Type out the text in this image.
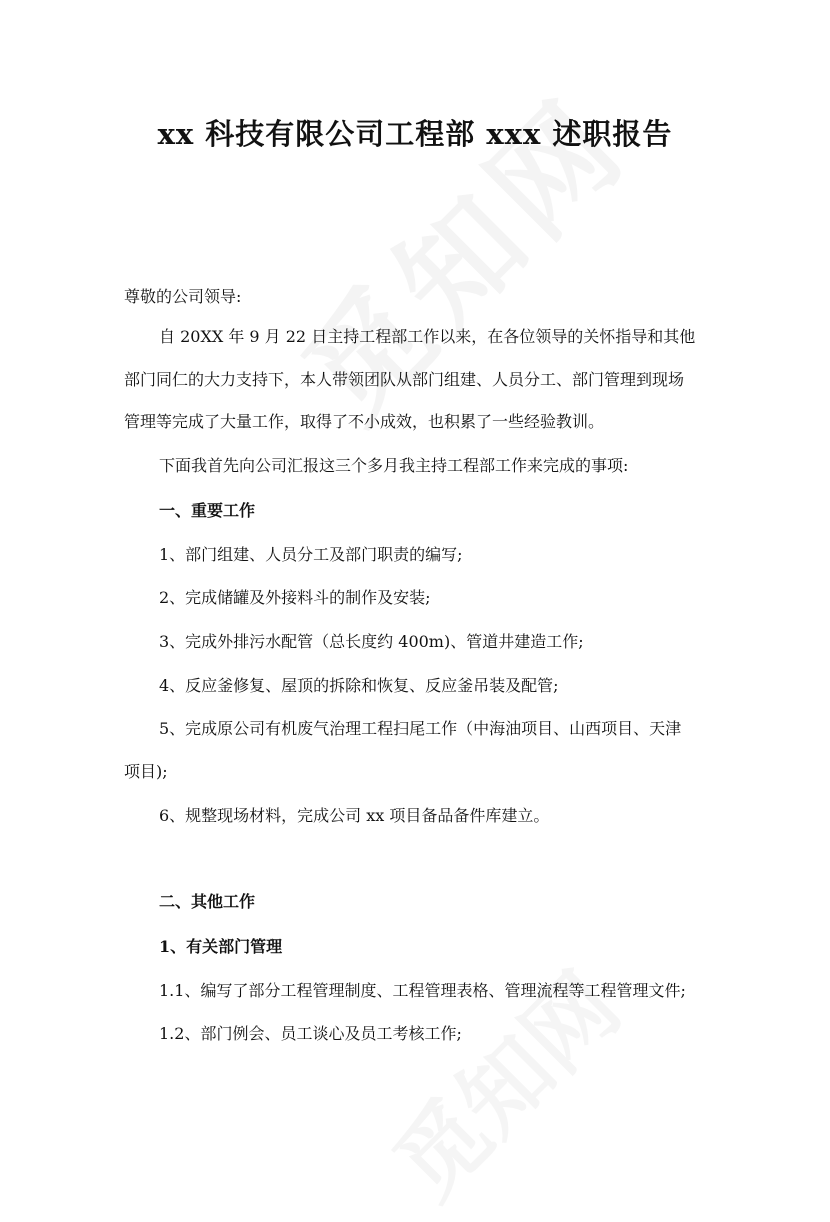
xx 科技有限公司工程部 xxx 述职报告
尊敬的公司领导:
自 20XX 年 9 月 22 日主持工程部工作以来，在各位领导的关怀指导和其他
部门同仁的大力支持下，本人带领团队从部门组建、人员分工、部门管理到现场
管理等完成了大量工作，取得了不小成效，也积累了一些经验教训。
下面我首先向公司汇报这三个多月我主持工程部工作来完成的事项:
一、重要工作
1、部门组建、人员分工及部门职责的编写;
2、完成储罐及外接料斗的制作及安装;
3、完成外排污水配管（总长度约 400m)、管道井建造工作;
4、反应釜修复、屋顶的拆除和恢复、反应釜吊装及配管;
5、完成原公司有机废气治理工程扫尾工作（中海油项目、山西项目、天津
项目);
6、规整现场材料，完成公司 xx 项目备品备件库建立。
二、其他工作
1、有关部门管理
1.1、编写了部分工程管理制度、工程管理表格、管理流程等工程管理文件;
1.2、部门例会、员工谈心及员工考核工作;
